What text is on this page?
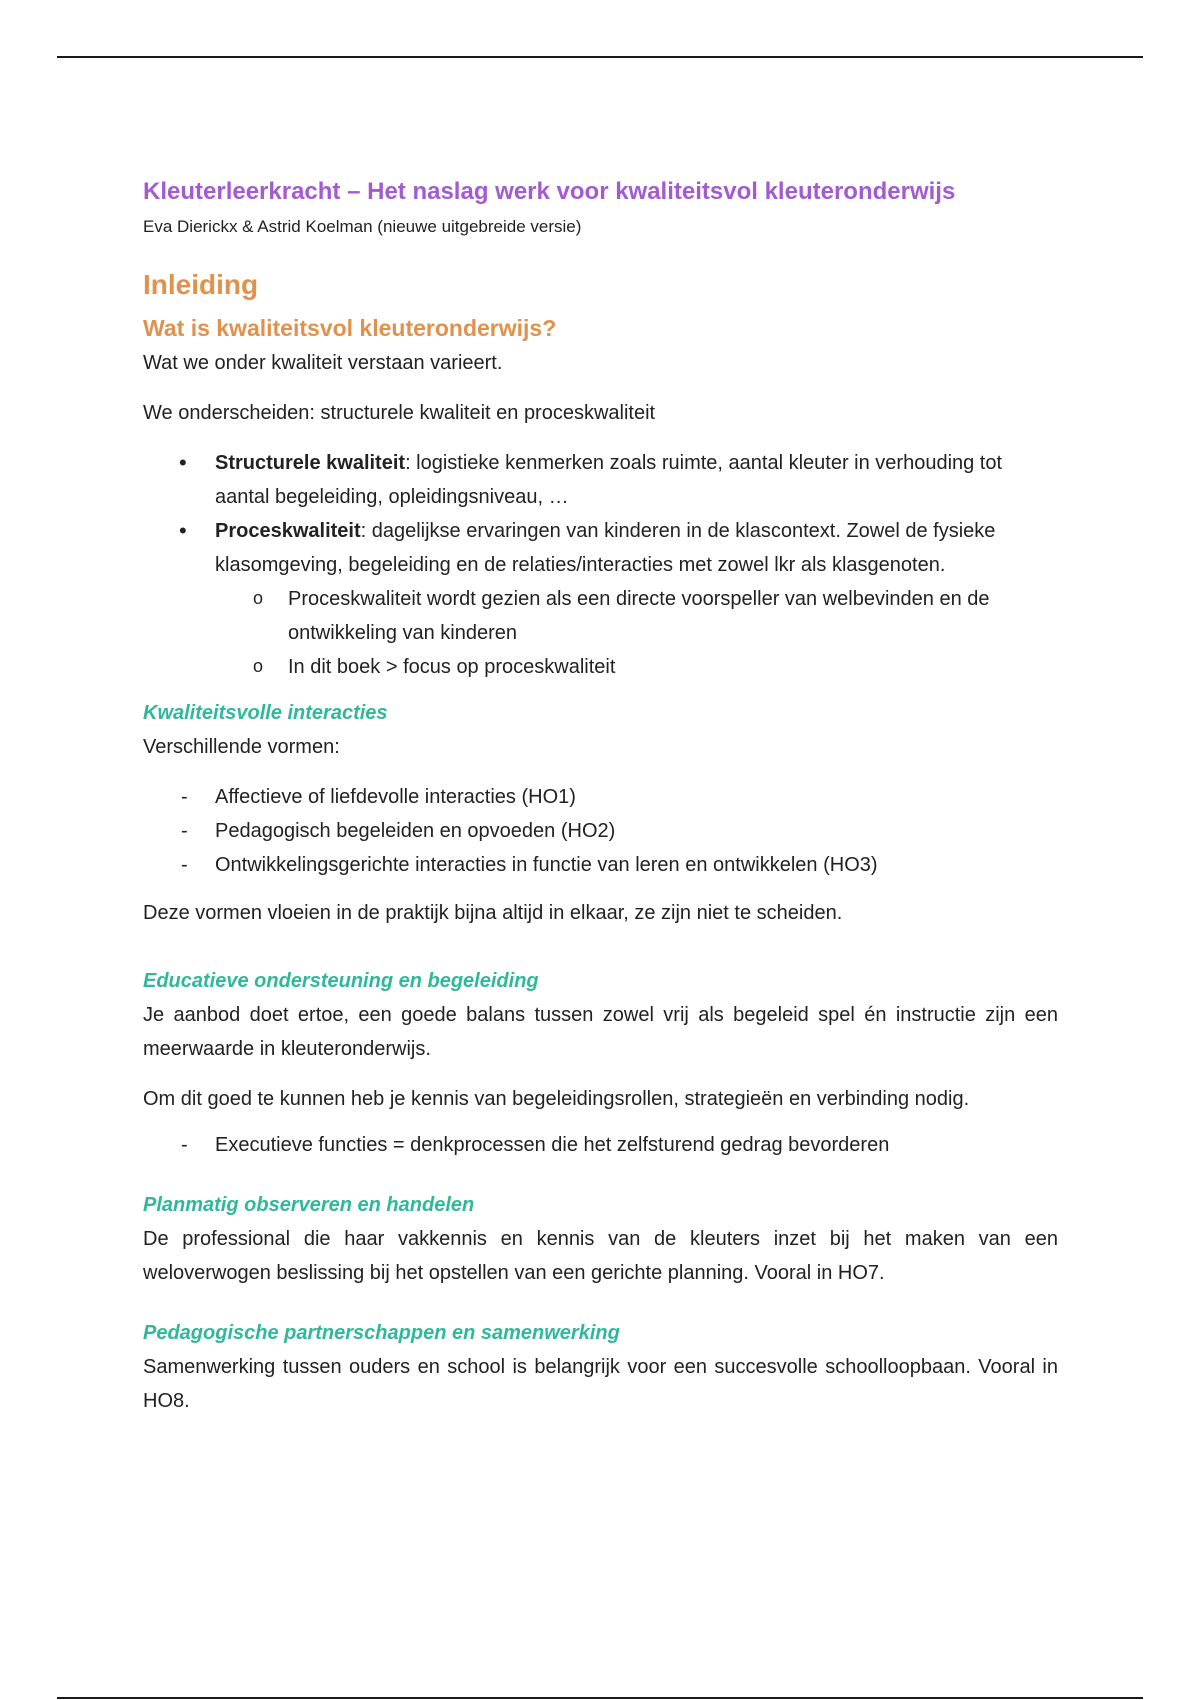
Kleuterleerkracht – Het naslag werk voor kwaliteitsvol kleuteronderwijs

Eva Dierickx & Astrid Koelman (nieuwe uitgebreide versie)

Inleiding
Wat is kwaliteitsvol kleuteronderwijs?

Wat we onder kwaliteit verstaan varieert.

We onderscheiden: structurele kwaliteit en proceskwaliteit

• Structurele kwaliteit: logistieke kenmerken zoals ruimte, aantal kleuter in verhouding tot aantal begeleiding, opleidingsniveau, …
• Proceskwaliteit: dagelijkse ervaringen van kinderen in de klascontext. Zowel de fysieke klasomgeving, begeleiding en de relaties/interacties met zowel lkr als klasgenoten.
o Proceskwaliteit wordt gezien als een directe voorspeller van welbevinden en de ontwikkeling van kinderen
o In dit boek > focus op proceskwaliteit
Kwaliteitsvolle interacties

Verschillende vormen:

- Affectieve of liefdevolle interacties (HO1)
- Pedagogisch begeleiden en opvoeden (HO2)
- Ontwikkelingsgerichte interacties in functie van leren en ontwikkelen (HO3)

Deze vormen vloeien in de praktijk bijna altijd in elkaar, ze zijn niet te scheiden.

Educatieve ondersteuning en begeleiding

Je aanbod doet ertoe, een goede balans tussen zowel vrij als begeleid spel én instructie zijn een meerwaarde in kleuteronderwijs.

Om dit goed te kunnen heb je kennis van begeleidingsrollen, strategieën en verbinding nodig.

- Executieve functies = denkprocessen die het zelfsturend gedrag bevorderen
Planmatig observeren en handelen

De professional die haar vakkennis en kennis van de kleuters inzet bij het maken van een weloverwogen beslissing bij het opstellen van een gerichte planning. Vooral in HO7.

Pedagogische partnerschappen en samenwerking

Samenwerking tussen ouders en school is belangrijk voor een succesvolle schoolloopbaan. Vooral in HO8.
